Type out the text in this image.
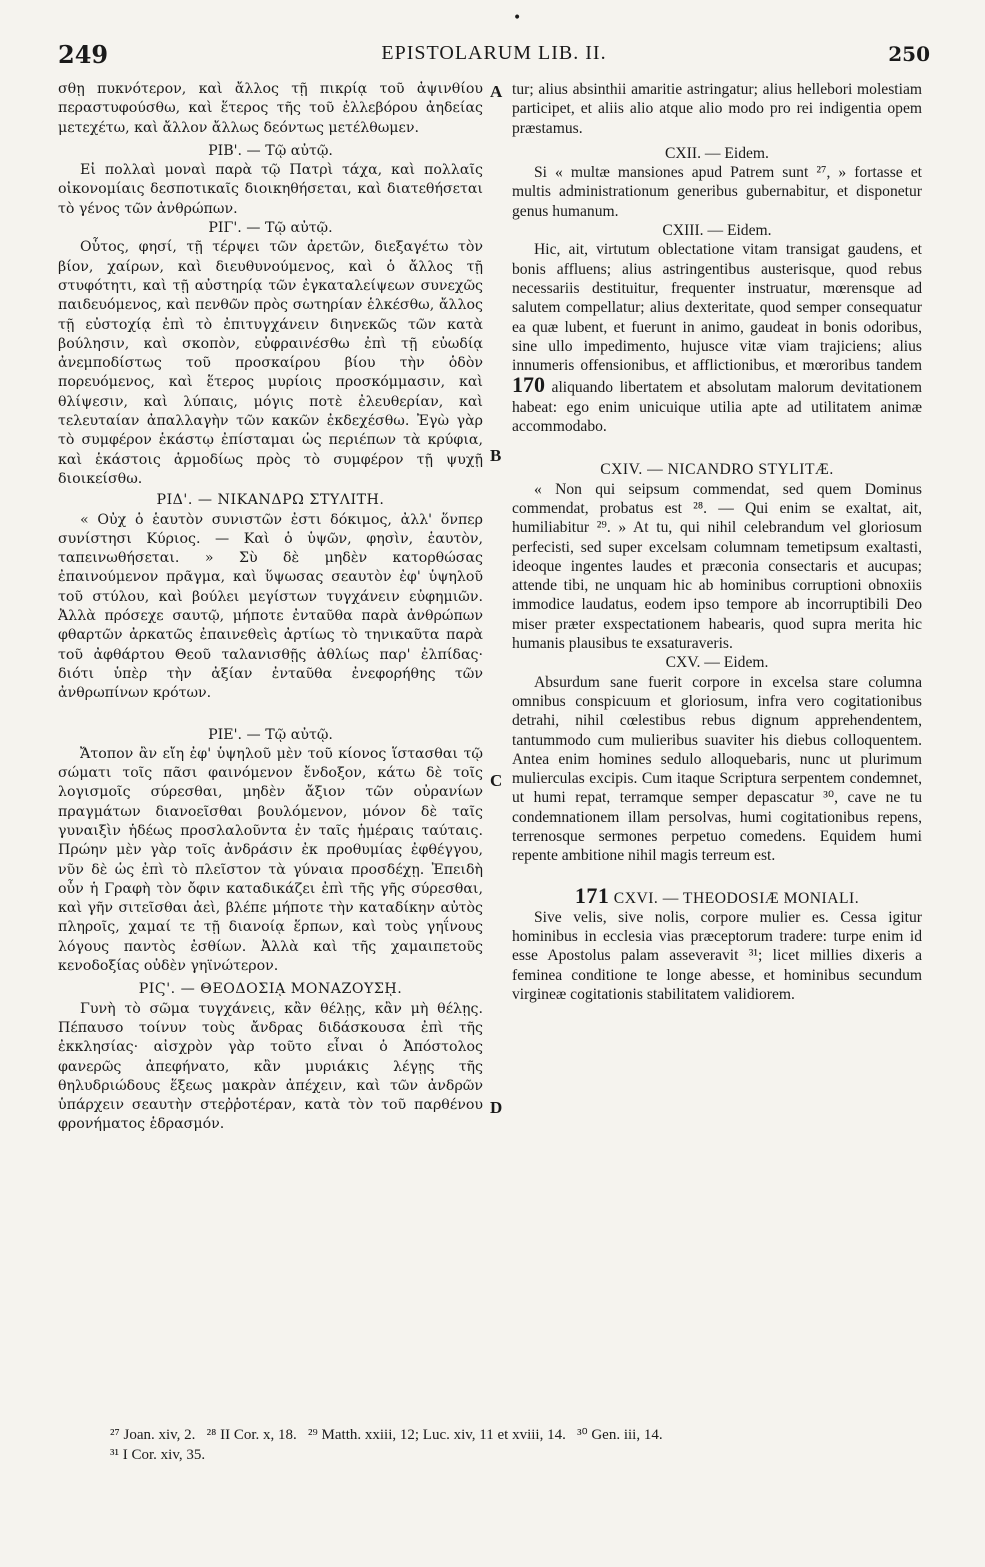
•
249	EPISTOLARUM LIB. II.	250
A
B
C
D

σθῃ πυκνότερον, καὶ ἄλλος τῇ πικρίᾳ τοῦ ἀψινθίου περαστυφούσθω, καὶ ἕτερος τῆς τοῦ ἐλλεβόρου ἀηδείας μετεχέτω, καὶ ἄλλον ἄλλως δεόντως μετέλθωμεν.

ΡΙΒ'. — Τῷ αὐτῷ.

Εἰ πολλαὶ μοναὶ παρὰ τῷ Πατρὶ τάχα, καὶ πολλαῖς οἰκονομίαις δεσποτικαῖς διοικηθήσεται, καὶ διατεθήσεται τὸ γένος τῶν ἀνθρώπων.

ΡΙΓ'. — Τῷ αὐτῷ.

Οὗτος, φησί, τῇ τέρψει τῶν ἀρετῶν, διεξαγέτω τὸν βίον, χαίρων, καὶ διευθυνούμενος, καὶ ὁ ἄλλος τῇ στυφότητι, καὶ τῇ αὐστηρίᾳ τῶν ἐγκαταλείψεων συνεχῶς παιδευόμενος, καὶ πενθῶν πρὸς σωτηρίαν ἑλκέσθω, ἄλλος τῇ εὐστοχίᾳ ἐπὶ τὸ ἐπιτυγχάνειν διηνεκῶς τῶν κατὰ βούλησιν, καὶ σκοπὸν, εὐφραινέσθω ἐπὶ τῇ εὐωδίᾳ ἀνεμποδίστως τοῦ προσκαίρου βίου τὴν ὁδὸν πορευόμενος, καὶ ἕτερος μυρίοις προσκόμμασιν, καὶ θλίψεσιν, καὶ λύπαις, μόγις ποτὲ ἐλευθερίαν, καὶ τελευταίαν ἀπαλλαγὴν τῶν κακῶν ἐκδεχέσθω. Ἐγὼ γὰρ τὸ συμφέρον ἑκάστῳ ἐπίσταμαι ὡς περιέπων τὰ κρύφια, καὶ ἑκάστοις ἁρμοδίως πρὸς τὸ συμφέρον τῇ ψυχῇ διοικείσθω.

ΡΙΔ'. — ΝΙΚΑΝΔΡΩ ΣΤΥΛΙΤΗ.

« Οὐχ ὁ ἑαυτὸν συνιστῶν ἐστι δόκιμος, ἀλλ' ὅνπερ συνίστησι Κύριος. — Καὶ ὁ ὑψῶν, φησὶν, ἑαυτὸν, ταπεινωθήσεται. » Σὺ δὲ μηδὲν κατορθώσας ἐπαινούμενον πρᾶγμα, καὶ ὕψωσας σεαυτὸν ἐφ' ὑψηλοῦ τοῦ στύλου, καὶ βούλει μεγίστων τυγχάνειν εὐφημιῶν. Ἀλλὰ πρόσεχε σαυτῷ, μήποτε ἐνταῦθα παρὰ ἀνθρώπων φθαρτῶν ἀρκατῶς ἐπαινεθεὶς ἀρτίως τὸ τηνικαῦτα παρὰ τοῦ ἀφθάρτου Θεοῦ ταλανισθῇς ἀθλίως παρ' ἐλπίδας· διότι ὑπὲρ τὴν ἀξίαν ἐνταῦθα ἐνεφορήθης τῶν ἀνθρωπίνων κρότων.

ΡΙΕ'. — Τῷ αὐτῷ.

Ἄτοπον ἂν εἴη ἐφ' ὑψηλοῦ μὲν τοῦ κίονος ἵστασθαι τῷ σώματι τοῖς πᾶσι φαινόμενον ἔνδοξον, κάτω δὲ τοῖς λογισμοῖς σύρεσθαι, μηδὲν ἄξιον τῶν οὐρανίων πραγμάτων διανοεῖσθαι βουλόμενον, μόνον δὲ ταῖς γυναιξὶν ἡδέως προσλαλοῦντα ἐν ταῖς ἡμέραις ταύταις. Πρώην μὲν γὰρ τοῖς ἀνδράσιν ἐκ προθυμίας ἐφθέγγου, νῦν δὲ ὡς ἐπὶ τὸ πλεῖστον τὰ γύναια προσδέχῃ. Ἐπειδὴ οὖν ἡ Γραφὴ τὸν ὄφιν καταδικάζει ἐπὶ τῆς γῆς σύρεσθαι, καὶ γῆν σιτεῖσθαι ἀεὶ, βλέπε μήποτε τὴν καταδίκην αὐτὸς πληροῖς, χαμαί τε τῇ διανοίᾳ ἕρπων, καὶ τοὺς γηΐνους λόγους παντὸς ἐσθίων. Ἀλλὰ καὶ τῆς χαμαιπετοῦς κενοδοξίας οὐδὲν γηϊνώτερον.

ΡΙϚ'. — ΘΕΟΔΟΣΙᾼ ΜΟΝΑΖΟΥΣῌ.

Γυνὴ τὸ σῶμα τυγχάνεις, κἂν θέλῃς, κἂν μὴ θέλῃς. Πέπαυσο τοίνυν τοὺς ἄνδρας διδάσκουσα ἐπὶ τῆς ἐκκλησίας· αἰσχρὸν γὰρ τοῦτο εἶναι ὁ Ἀπόστολος φανερῶς ἀπεφήνατο, κἂν μυριάκις λέγῃς τῆς θηλυδριώδους ἕξεως μακρὰν ἀπέχειν, καὶ τῶν ἀνδρῶν ὑπάρχειν σεαυτὴν στεῤῥοτέραν, κατὰ τὸν τοῦ παρθένου φρονήματος ἑδρασμόν.

tur; alius absinthii amaritie astringatur; alius hellebori molestiam participet, et aliis alio atque alio modo pro rei indigentia opem præstamus.

CXII. — Eidem.

Si « multæ mansiones apud Patrem sunt ²⁷, » fortasse et multis administrationum generibus gubernabitur, et disponetur genus humanum.

CXIII. — Eidem.

Hic, ait, virtutum oblectatione vitam transigat gaudens, et bonis affluens; alius astringentibus austerisque, quod rebus necessariis destituitur, frequenter instruatur, mœrensque ad salutem compellatur; alius dexteritate, quod semper consequatur ea quæ lubent, et fuerunt in animo, gaudeat in bonis odoribus, sine ullo impedimento, hujusce vitæ viam trajiciens; alius innumeris offensionibus, et afflictionibus, et mœroribus tandem 170 aliquando libertatem et absolutam malorum devitationem habeat: ego enim unicuique utilia apte ad utilitatem animæ accommodabo.

CXIV. — NICANDRO STYLITÆ.

« Non qui seipsum commendat, sed quem Dominus commendat, probatus est ²⁸. — Qui enim se exaltat, ait, humiliabitur ²⁹. » At tu, qui nihil celebrandum vel gloriosum perfecisti, sed super excelsam columnam temetipsum exaltasti, ideoque ingentes laudes et præconia consectaris et aucupas; attende tibi, ne unquam hic ab hominibus corruptioni obnoxiis immodice laudatus, eodem ipso tempore ab incorruptibili Deo miser præter exspectationem habearis, quod supra merita hic humanis plausibus te exsaturaveris.

CXV. — Eidem.

Absurdum sane fuerit corpore in excelsa stare columna omnibus conspicuum et gloriosum, infra vero cogitationibus detrahi, nihil cœlestibus rebus dignum apprehendentem, tantummodo cum mulieribus suaviter his diebus colloquentem. Antea enim homines sedulo alloquebaris, nunc ut plurimum mulierculas excipis. Cum itaque Scriptura serpentem condemnet, ut humi repat, terramque semper depascatur ³⁰, cave ne tu condemnationem illam persolvas, humi cogitationibus repens, terrenosque sermones perpetuo comedens. Equidem humi repente ambitione nihil magis terreum est.

171 CXVI. — THEODOSIÆ MONIALI.

Sive velis, sive nolis, corpore mulier es. Cessa igitur hominibus in ecclesia vias præceptorum tradere: turpe enim id esse Apostolus palam asseveravit ³¹; licet millies dixeris a feminea conditione te longe abesse, et hominibus secundum virgineæ cogitationis stabilitatem validiorem.

²⁷ Joan. xiv, 2.   ²⁸ II Cor. x, 18.   ²⁹ Matth. xxiii, 12; Luc. xiv, 11 et xviii, 14.   ³⁰ Gen. iii, 14.
³¹ I Cor. xiv, 35.
